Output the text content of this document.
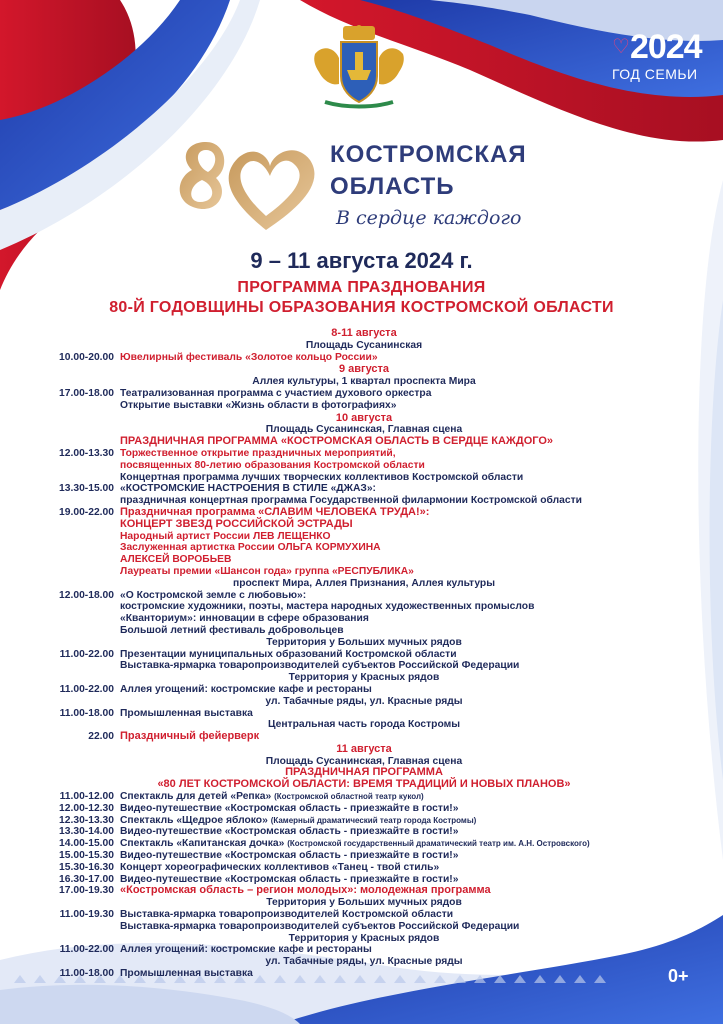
♡2024
ГОД СЕМЬИ
КОСТРОМСКАЯ
ОБЛАСТЬ
В сердце каждого
9 – 11 августа 2024 г.
ПРОГРАММА ПРАЗДНОВАНИЯ
80-Й ГОДОВЩИНЫ ОБРАЗОВАНИЯ КОСТРОМСКОЙ ОБЛАСТИ
8-11 августа
Площадь Сусанинская
10.00-20.00 Ювелирный фестиваль «Золотое кольцо России»
9 августа
Аллея культуры, 1 квартал проспекта Мира
17.00-18.00 Театрализованная программа с участием духового оркестра
Открытие выставки «Жизнь области в фотографиях»
10 августа
Площадь Сусанинская, Главная сцена
ПРАЗДНИЧНАЯ ПРОГРАММА «КОСТРОМСКАЯ ОБЛАСТЬ В СЕРДЦЕ КАЖДОГО»
12.00-13.30 Торжественное открытие праздничных мероприятий,
посвященных 80-летию образования Костромской области
Концертная программа лучших творческих коллективов Костромской области
13.30-15.00 «КОСТРОМСКИЕ НАСТРОЕНИЯ В СТИЛЕ «ДЖАЗ»:
праздничная концертная программа Государственной филармонии Костромской области
19.00-22.00 Праздничная программа «СЛАВИМ ЧЕЛОВЕКА ТРУДА!»:
КОНЦЕРТ ЗВЕЗД РОССИЙСКОЙ ЭСТРАДЫ
Народный артист России ЛЕВ ЛЕЩЕНКО
Заслуженная артистка России ОЛЬГА КОРМУХИНА
АЛЕКСЕЙ ВОРОБЬЕВ
Лауреаты премии «Шансон года» группа «РЕСПУБЛИКА»
проспект Мира, Аллея Признания, Аллея культуры
12.00-18.00 «О Костромской земле с любовью»:
костромские художники, поэты, мастера народных художественных промыслов
«Кванториум»: инновации в сфере образования
Большой летний фестиваль добровольцев
Территория у Больших мучных рядов
11.00-22.00 Презентации муниципальных образований Костромской области
Выставка-ярмарка товаропроизводителей субъектов Российской Федерации
Территория у Красных рядов
11.00-22.00 Аллея угощений: костромские кафе и рестораны
ул. Табачные ряды, ул. Красные ряды
11.00-18.00 Промышленная выставка
Центральная часть города Костромы
22.00 Праздничный фейерверк
11 августа
Площадь Сусанинская, Главная сцена
ПРАЗДНИЧНАЯ ПРОГРАММА
«80 ЛЕТ КОСТРОМСКОЙ ОБЛАСТИ: ВРЕМЯ ТРАДИЦИЙ И НОВЫХ ПЛАНОВ»
11.00-12.00 Спектакль для детей «Репка» (Костромской областной театр кукол)
12.00-12.30 Видео-путешествие «Костромская область - приезжайте в гости!»
12.30-13.30 Спектакль «Щедрое яблоко» (Камерный драматический театр города Костромы)
13.30-14.00 Видео-путешествие «Костромская область - приезжайте в гости!»
14.00-15.00 Спектакль «Капитанская дочка» (Костромской государственный драматический театр им. А.Н. Островского)
15.00-15.30 Видео-путешествие «Костромская область - приезжайте в гости!»
15.30-16.30 Концерт хореографических коллективов «Танец - твой стиль»
16.30-17.00 Видео-путешествие «Костромская область - приезжайте в гости!»
17.00-19.30 «Костромская область – регион молодых»: молодежная программа
Территория у Больших мучных рядов
11.00-19.30 Выставка-ярмарка товаропроизводителей Костромской области
Выставка-ярмарка товаропроизводителей субъектов Российской Федерации
Территория у Красных рядов
11.00-22.00 Аллея угощений: костромские кафе и рестораны
ул. Табачные ряды, ул. Красные ряды
11.00-18.00 Промышленная выставка	0+
